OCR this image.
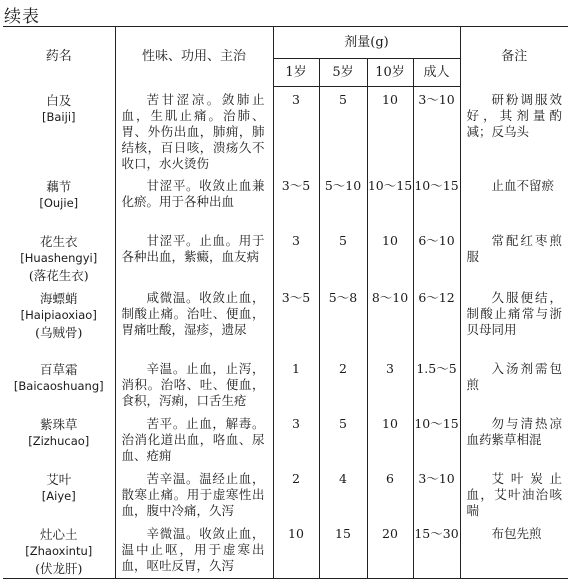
续表
药名	性味、功用、主治	剂量(g)				备注
		1岁	5岁	10岁	成人	

白及
[Baiji]	苦甘涩凉。敛肺止血，生肌止痛。治肺、胃、外伤出血，肺痈，肺结核，百日咳，溃疡久不收口，水火烫伤	3	5	10	3～10	研粉调服效好，其剂量酌减；反乌头

藕节
[Oujie]	甘涩平。收敛止血兼化瘀。用于各种出血	3～5	5～10	10～15	10～15	止血不留瘀

花生衣
[Huashengyi]
(落花生衣)	甘涩平。止血。用于各种出血，紫癜，血友病	3	5	10	6～10	常配红枣煎服

海螵蛸
[Haipiaoxiao]
(乌贼骨)	咸微温。收敛止血，制酸止痛。治吐、便血，胃痛吐酸，湿疹，遗尿	3～5	5～8	8～10	6～12	久服便结，制酸止痛常与浙贝母同用

百草霜
[Baicaoshuang]	辛温。止血，止泻，消积。治咯、吐、便血，食积，泻痢，口舌生疮	1	2	3	1.5～5	入汤剂需包煎

紫珠草
[Zizhucao]	苦平。止血，解毒。治消化道出血，咯血、尿血、疮痈	3	5	10	10～15	勿与清热凉血药紫草相混

艾叶
[Aiye]	苦辛温。温经止血，散寒止痛。用于虚寒性出血，腹中冷痛，久泻	2	4	6	3～10	艾叶炭止血，艾叶油治咳喘

灶心土
[Zhaoxintu]
(伏龙肝)	辛微温。收敛止血，温中止呕，用于虚寒出血，呕吐反胃，久泻	10	15	20	15～30	布包先煎
